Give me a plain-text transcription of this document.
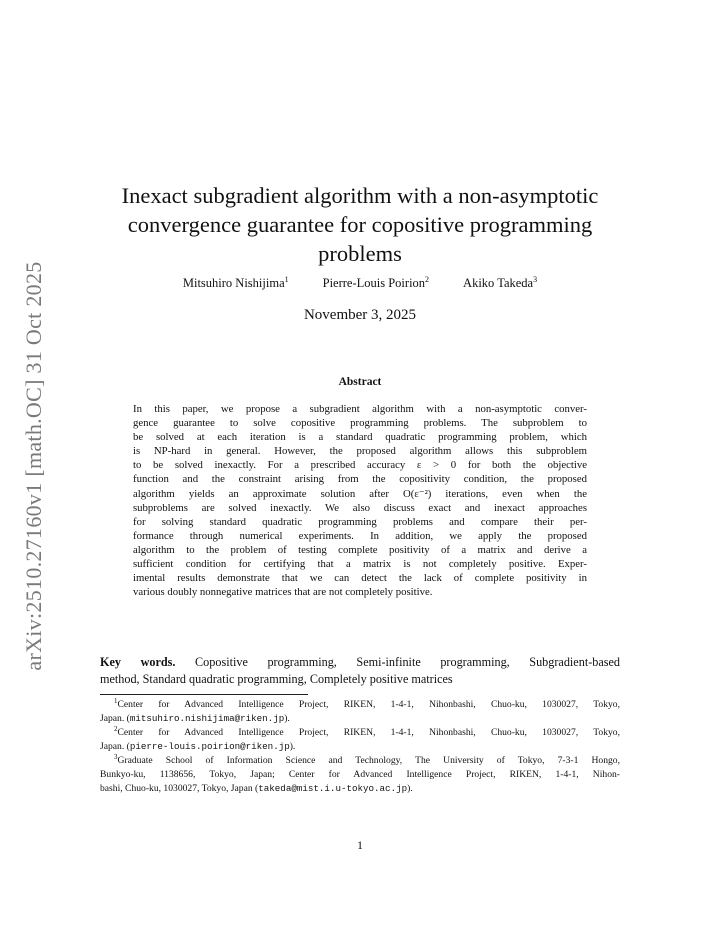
arXiv:2510.27160v1 [math.OC] 31 Oct 2025
Inexact subgradient algorithm with a non-asymptotic
convergence guarantee for copositive programming
problems
Mitsuhiro Nishijima$^1$	Pierre-Louis Poirion$^2$	Akiko Takeda$^3$
November 3, 2025
Abstract
In this paper, we propose a subgradient algorithm with a non-asymptotic conver-
gence guarantee to solve copositive programming problems. The subproblem to
be solved at each iteration is a standard quadratic programming problem, which
is NP-hard in general. However, the proposed algorithm allows this subproblem
to be solved inexactly. For a prescribed accuracy ε > 0 for both the objective
function and the constraint arising from the copositivity condition, the proposed
algorithm yields an approximate solution after O(ε⁻²) iterations, even when the
subproblems are solved inexactly. We also discuss exact and inexact approaches
for solving standard quadratic programming problems and compare their per-
formance through numerical experiments. In addition, we apply the proposed
algorithm to the problem of testing complete positivity of a matrix and derive a
sufficient condition for certifying that a matrix is not completely positive. Exper-
imental results demonstrate that we can detect the lack of complete positivity in
various doubly nonnegative matrices that are not completely positive.
Key words. Copositive programming, Semi-infinite programming, Subgradient-based
method, Standard quadratic programming, Completely positive matrices
$^1$Center for Advanced Intelligence Project, RIKEN, 1-4-1, Nihonbashi, Chuo-ku, 1030027, Tokyo,
Japan. (mitsuhiro.nishijima@riken.jp).
$^2$Center for Advanced Intelligence Project, RIKEN, 1-4-1, Nihonbashi, Chuo-ku, 1030027, Tokyo,
Japan. (pierre-louis.poirion@riken.jp).
$^3$Graduate School of Information Science and Technology, The University of Tokyo, 7-3-1 Hongo,
Bunkyo-ku, 1138656, Tokyo, Japan; Center for Advanced Intelligence Project, RIKEN, 1-4-1, Nihon-
bashi, Chuo-ku, 1030027, Tokyo, Japan (takeda@mist.i.u-tokyo.ac.jp).
1
